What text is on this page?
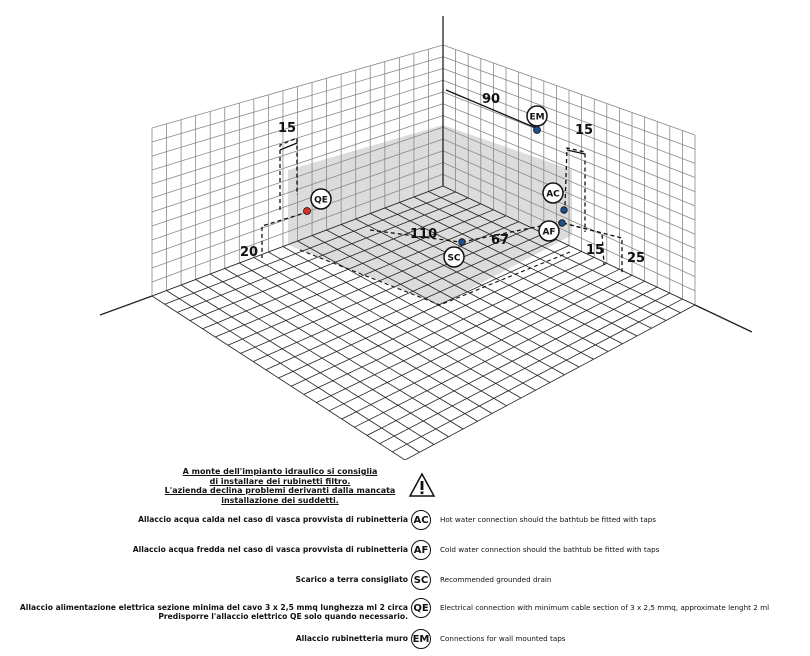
90
15
20
15
110	67
15
25
EM
QE
AC
AF
SC
A monte dell'impianto idraulico si consiglia
di installare dei rubinetti filtro.
L'azienda declina problemi derivanti dalla mancata
installazione dei suddetti.
Allaccio acqua calda nel caso di vasca provvista di rubinetteria AC	Hot water connection should the bathtub be fitted with taps
Allaccio acqua fredda nel caso di vasca provvista di rubinetteria AF	Cold water connection should the bathtub be fitted with taps
Scarico a terra consigliato SC	Recommended grounded drain
Allaccio alimentazione elettrica sezione minima del cavo 3 x 2,5 mmq lunghezza ml 2 circa
Predisporre l'allaccio elettrico QE solo quando necessario.
QE	Electrical connection with minimum cable section of 3 x 2,5 mmq, approximate lenght 2 ml
Allaccio rubinetteria muro EM Connections for wall mounted taps
